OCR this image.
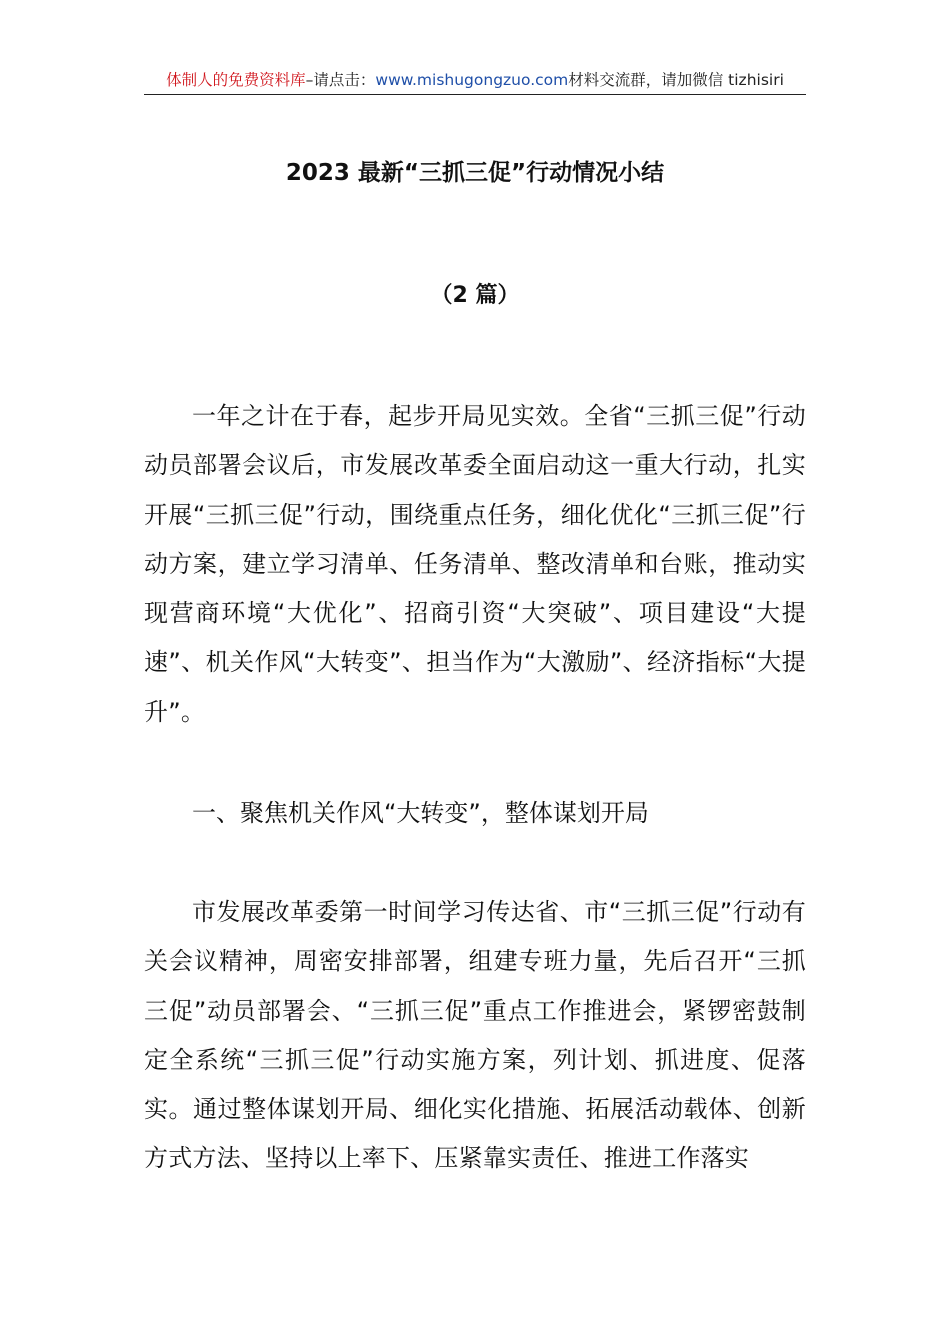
体制人的免费资料库–请点击：www.mishugongzuo.com材料交流群，请加微信 tizhisiri
2023 最新“三抓三促”行动情况小结
（2 篇）

一年之计在于春，起步开局见实效。全省“三抓三促”行动动员部署会议后，市发展改革委全面启动这一重大行动，扎实开展“三抓三促”行动，围绕重点任务，细化优化“三抓三促”行动方案，建立学习清单、任务清单、整改清单和台账，推动实现营商环境“大优化”、招商引资“大突破”、项目建设“大提速”、机关作风“大转变”、担当作为“大激励”、经济指标“大提升”。

一、聚焦机关作风“大转变”，整体谋划开局

市发展改革委第一时间学习传达省、市“三抓三促”行动有关会议精神，周密安排部署，组建专班力量，先后召开“三抓三促”动员部署会、“三抓三促”重点工作推进会，紧锣密鼓制定全系统“三抓三促”行动实施方案，列计划、抓进度、促落实。通过整体谋划开局、细化实化措施、拓展活动载体、创新方式方法、坚持以上率下、压紧靠实责任、推进工作落实
